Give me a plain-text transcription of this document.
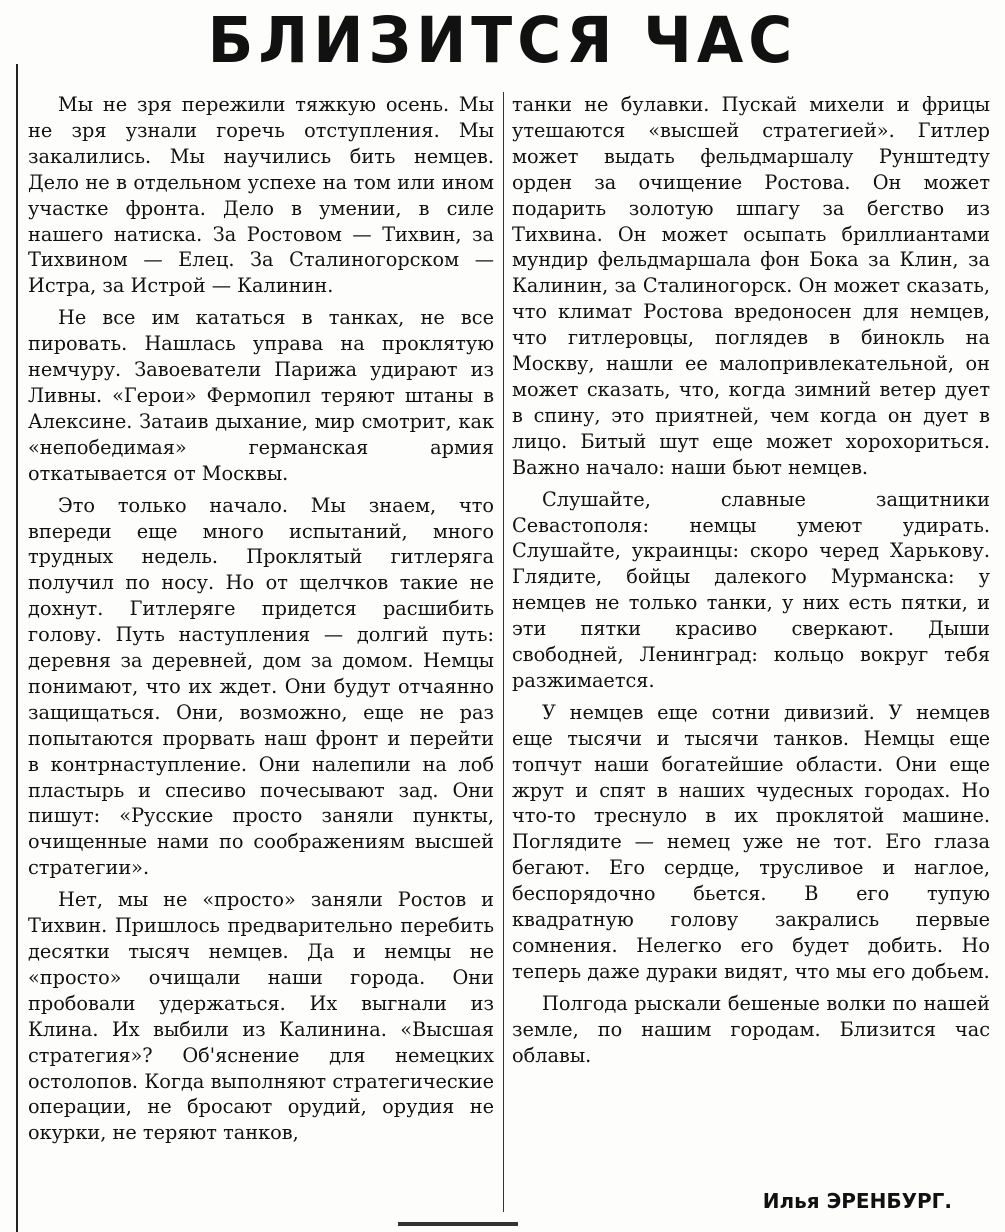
БЛИЗИТСЯ ЧАС

Мы не зря пережили тяжкую осень. Мы не зря узнали горечь отступления. Мы закалились. Мы научились бить немцев. Дело не в отдельном успехе на том или ином участке фронта. Дело в умении, в силе нашего натиска. За Ростовом — Тихвин, за Тихвином — Елец. За Сталиногорском — Истра, за Истрой — Калинин.

Не все им кататься в танках, не все пировать. Нашлась управа на проклятую немчуру. Завоеватели Парижа удирают из Ливны. «Герои» Фермопил теряют штаны в Алексине. Затаив дыхание, мир смотрит, как «непобедимая» германская армия откатывается от Москвы.

Это только начало. Мы знаем, что впереди еще много испытаний, много трудных недель. Проклятый гитлеряга получил по носу. Но от щелчков такие не дохнут. Гитлеряге придется расшибить голову. Путь наступления — долгий путь: деревня за деревней, дом за домом. Немцы понимают, что их ждет. Они будут отчаянно защищаться. Они, возможно, еще не раз попытаются прорвать наш фронт и перейти в контрнаступление. Они налепили на лоб пластырь и спесиво почесывают зад. Они пишут: «Русские просто заняли пункты, очищенные нами по соображениям высшей стратегии».

Нет, мы не «просто» заняли Ростов и Тихвин. Пришлось предварительно перебить десятки тысяч немцев. Да и немцы не «просто» очищали наши города. Они пробовали удержаться. Их выгнали из Клина. Их выбили из Калинина. «Высшая стратегия»? Об'яснение для немецких остолопов. Когда выполняют стратегические операции, не бросают орудий, орудия не окурки, не теряют танков,

танки не булавки. Пускай михели и фрицы утешаются «высшей стратегией». Гитлер может выдать фельдмаршалу Рунштедту орден за очищение Ростова. Он может подарить золотую шпагу за бегство из Тихвина. Он может осыпать бриллиантами мундир фельдмаршала фон Бока за Клин, за Калинин, за Сталиногорск. Он может сказать, что климат Ростова вредоносен для немцев, что гитлеровцы, поглядев в бинокль на Москву, нашли ее малопривлекательной, он может сказать, что, когда зимний ветер дует в спину, это приятней, чем когда он дует в лицо. Битый шут еще может хорохориться. Важно начало: наши бьют немцев.

Слушайте, славные защитники Севастополя: немцы умеют удирать. Слушайте, украинцы: скоро черед Харькову. Глядите, бойцы далекого Мурманска: у немцев не только танки, у них есть пятки, и эти пятки красиво сверкают. Дыши свободней, Ленинград: кольцо вокруг тебя разжимается.

У немцев еще сотни дивизий. У немцев еще тысячи и тысячи танков. Немцы еще топчут наши богатейшие области. Они еще жрут и спят в наших чудесных городах. Но что-то треснуло в их проклятой машине. Поглядите — немец уже не тот. Его глаза бегают. Его сердце, трусливое и наглое, беспорядочно бьется. В его тупую квадратную голову закрались первые сомнения. Нелегко его будет добить. Но теперь даже дураки видят, что мы его добьем.

Полгода рыскали бешеные волки по нашей земле, по нашим городам. Близится час облавы.

Илья ЭРЕНБУРГ.
